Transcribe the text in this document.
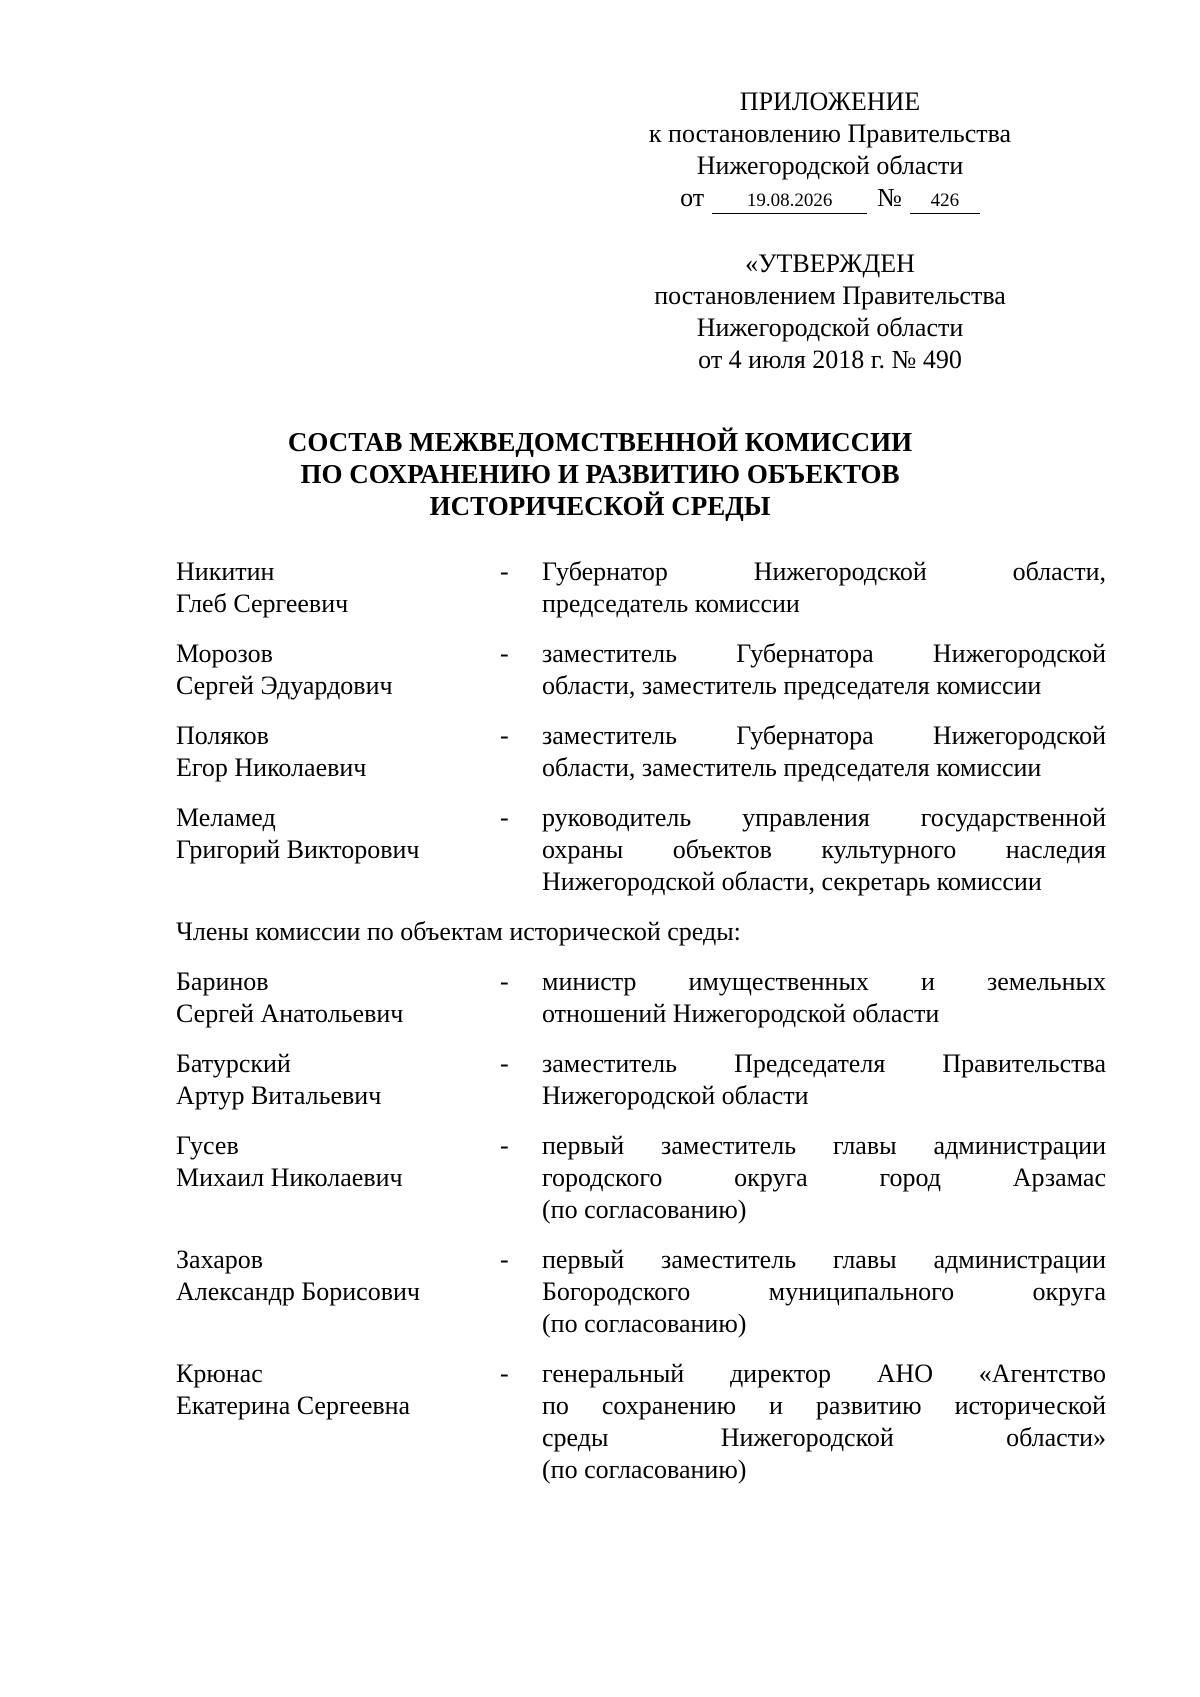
ПРИЛОЖЕНИЕ
к постановлению Правительства
Нижегородской области
от 19.08.2026 № 426
«УТВЕРЖДЕН
постановлением Правительства
Нижегородской области
от 4 июля 2018 г. № 490
СОСТАВ МЕЖВЕДОМСТВЕННОЙ КОМИССИИ
ПО СОХРАНЕНИЮ И РАЗВИТИЮ ОБЪЕКТОВ
ИСТОРИЧЕСКОЙ СРЕДЫ
Никитин
Глеб Сергеевич
-	Губернатор Нижегородской области,
председатель комиссии
Морозов
Сергей Эдуардович
-	заместитель Губернатора Нижегородской
области, заместитель председателя комиссии
Поляков
Егор Николаевич
-	заместитель Губернатора Нижегородской
области, заместитель председателя комиссии
Меламед
Григорий Викторович
-	руководитель управления государственной
охраны объектов культурного наследия
Нижегородской области, секретарь комиссии
Члены комиссии по объектам исторической среды:
Баринов
Сергей Анатольевич
-	министр имущественных и земельных
отношений Нижегородской области
Батурский
Артур Витальевич
-	заместитель Председателя Правительства
Нижегородской области
Гусев
Михаил Николаевич
-	первый заместитель главы администрации
городского округа город Арзамас
(по согласованию)
Захаров
Александр Борисович
-	первый заместитель главы администрации
Богородского муниципального округа
(по согласованию)
Крюнас
Екатерина Сергеевна
-	генеральный директор АНО «Агентство
по сохранению и развитию исторической
среды Нижегородской области»
(по согласованию)
